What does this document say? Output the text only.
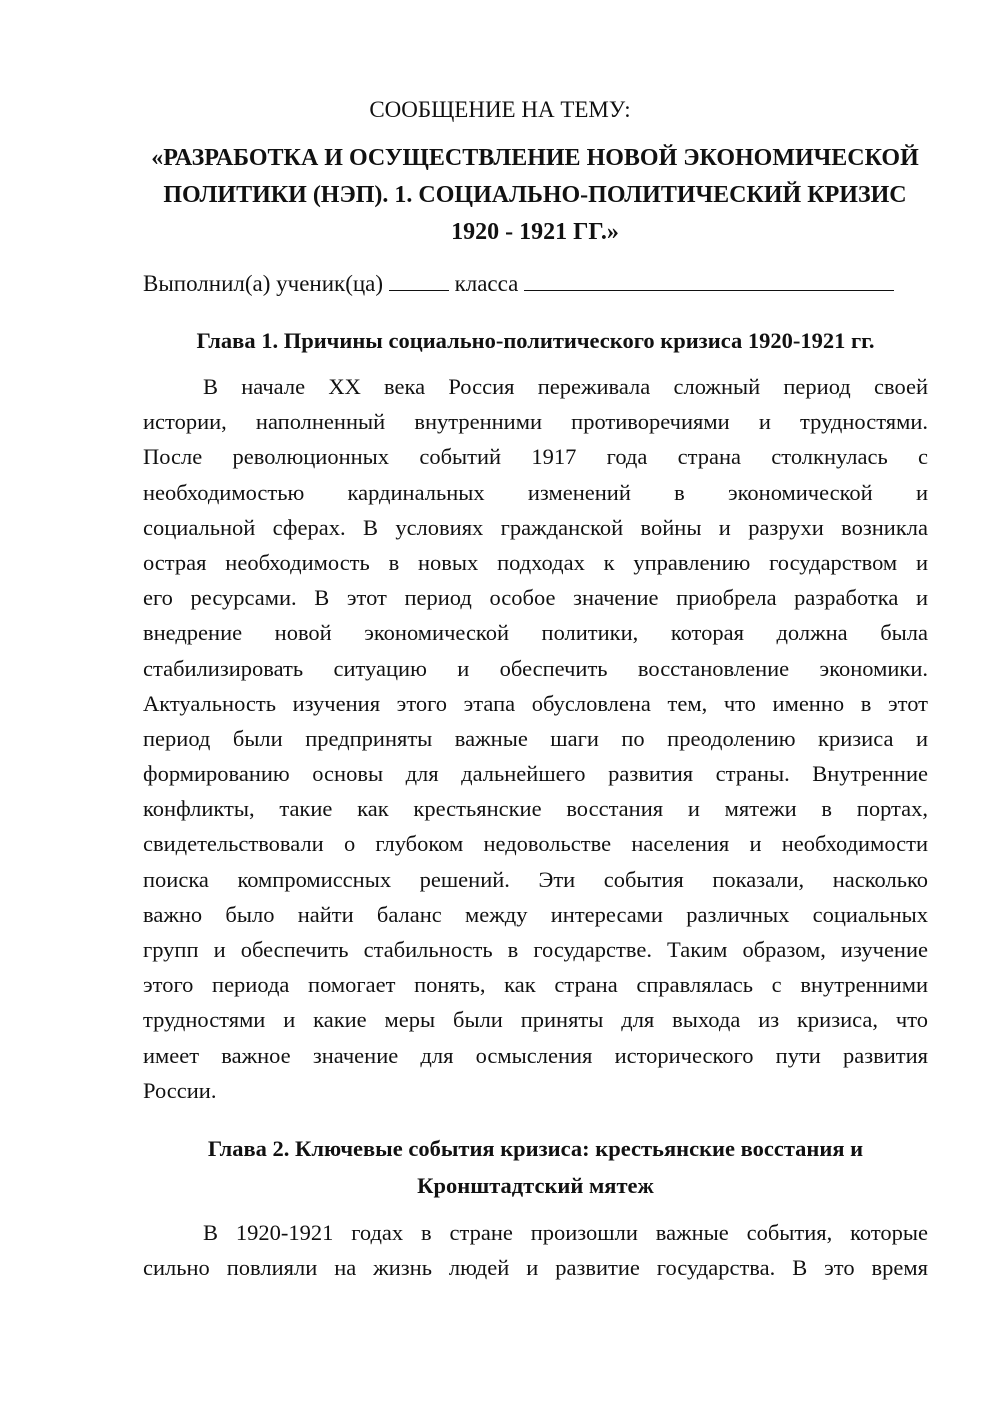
СООБЩЕНИЕ НА ТЕМУ:
«РАЗРАБОТКА И ОСУЩЕСТВЛЕНИЕ НОВОЙ ЭКОНОМИЧЕСКОЙ
ПОЛИТИКИ (НЭП). 1. СОЦИАЛЬНО-ПОЛИТИЧЕСКИЙ КРИЗИС
1920 - 1921 ГГ.»
Выполнил(а) ученик(ца)	класса
Глава 1. Причины социально-политического кризиса 1920-1921 гг.
В начале XX века Россия переживала сложный период своей
истории, наполненный внутренними противоречиями и трудностями.
После революционных событий 1917 года страна столкнулась с
необходимостью кардинальных изменений в экономической и
социальной сферах. В условиях гражданской войны и разрухи возникла
острая необходимость в новых подходах к управлению государством и
его ресурсами. В этот период особое значение приобрела разработка и
внедрение новой экономической политики, которая должна была
стабилизировать ситуацию и обеспечить восстановление экономики.
Актуальность изучения этого этапа обусловлена тем, что именно в этот
период были предприняты важные шаги по преодолению кризиса и
формированию основы для дальнейшего развития страны. Внутренние
конфликты, такие как крестьянские восстания и мятежи в портах,
свидетельствовали о глубоком недовольстве населения и необходимости
поиска компромиссных решений. Эти события показали, насколько
важно было найти баланс между интересами различных социальных
групп и обеспечить стабильность в государстве. Таким образом, изучение
этого периода помогает понять, как страна справлялась с внутренними
трудностями и какие меры были приняты для выхода из кризиса, что
имеет важное значение для осмысления исторического пути развития
России.
Глава 2. Ключевые события кризиса: крестьянские восстания и
Кронштадтский мятеж
В 1920-1921 годах в стране произошли важные события, которые
сильно повлияли на жизнь людей и развитие государства. В это время
